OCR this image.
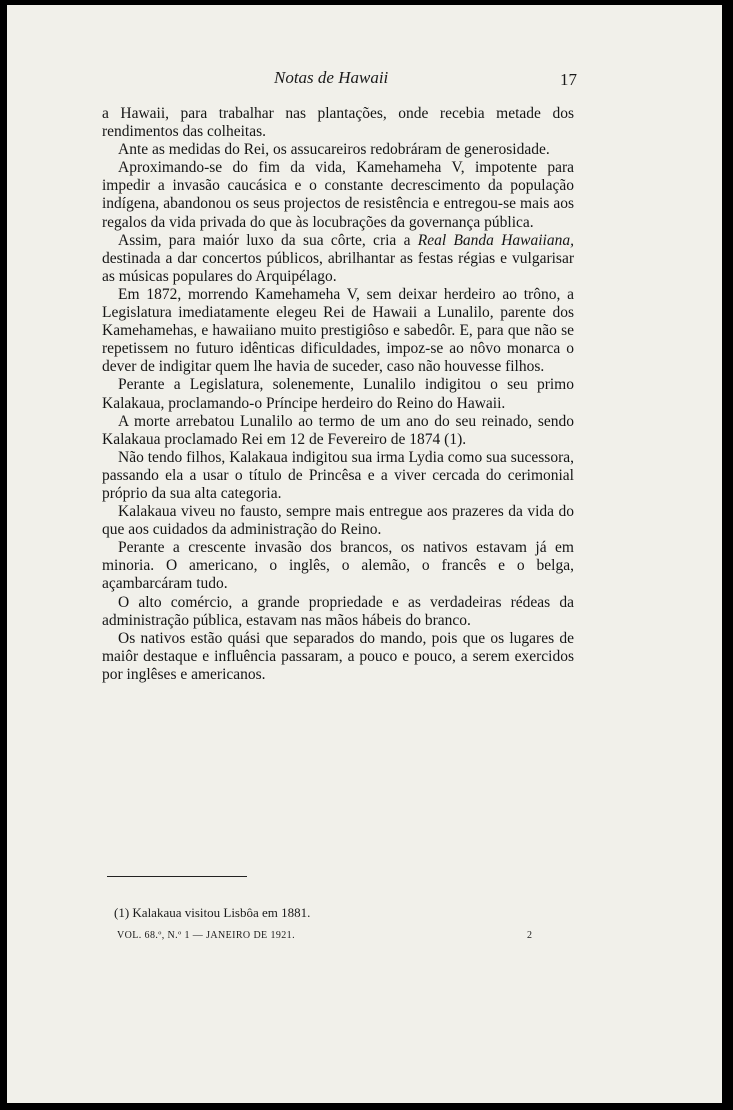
Notas de Hawaii	17

a Hawaii, para trabalhar nas plantações, onde recebia metade dos rendimentos das colheitas.

Ante as medidas do Rei, os assucareiros redobráram de generosidade.

Aproximando-se do fim da vida, Kamehameha V, impotente para impedir a invasão caucásica e o constante decrescimento da população indígena, abandonou os seus projectos de resistência e entregou-se mais aos regalos da vida privada do que às locubrações da governança pública.

Assim, para maiór luxo da sua côrte, cria a Real Banda Hawaiiana, destinada a dar concertos públicos, abrilhantar as festas régias e vulgarisar as músicas populares do Arquipélago.

Em 1872, morrendo Kamehameha V, sem deixar herdeiro ao trôno, a Legislatura imediatamente elegeu Rei de Hawaii a Lunalilo, parente dos Kamehamehas, e hawaiiano muito prestigiôso e sabedôr. E, para que não se repetissem no futuro idênticas dificuldades, impoz-se ao nôvo monarca o dever de indigitar quem lhe havia de suceder, caso não houvesse filhos.

Perante a Legislatura, solenemente, Lunalilo indigitou o seu primo Kalakaua, proclamando-o Príncipe herdeiro do Reino do Hawaii.

A morte arrebatou Lunalilo ao termo de um ano do seu reinado, sendo Kalakaua proclamado Rei em 12 de Fevereiro de 1874 (1).

Não tendo filhos, Kalakaua indigitou sua irma Lydia como sua sucessora, passando ela a usar o título de Princêsa e a viver cercada do cerimonial próprio da sua alta categoria.

Kalakaua viveu no fausto, sempre mais entregue aos prazeres da vida do que aos cuidados da administração do Reino.

Perante a crescente invasão dos brancos, os nativos estavam já em minoria. O americano, o inglês, o alemão, o francês e o belga, açambarcáram tudo.

O alto comércio, a grande propriedade e as verdadeiras rédeas da administração pública, estavam nas mãos hábeis do branco.

Os nativos estão quási que separados do mando, pois que os lugares de maiôr destaque e influência passaram, a pouco e pouco, a serem exercidos por inglêses e americanos.

(1) Kalakaua visitou Lisbôa em 1881.
VOL. 68.º, N.º 1 — JANEIRO DE 1921.	2
